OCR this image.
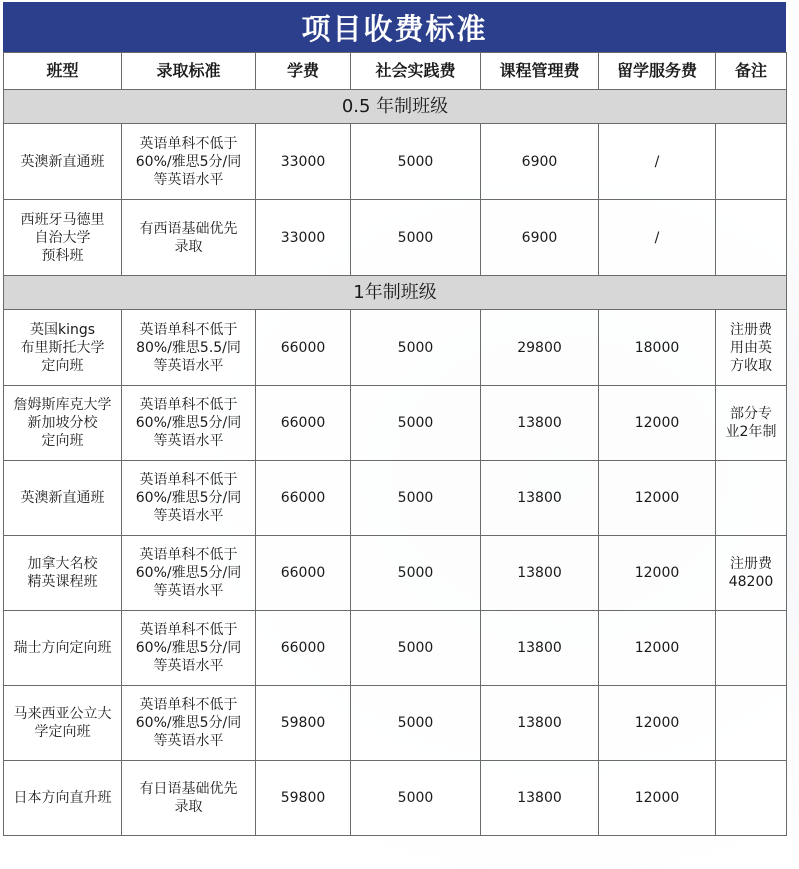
项目收费标准
班型	录取标准	学费	社会实践费	课程管理费	留学服务费	备注
0.5 年制班级						

英澳新直通班	英语单科不低于
60%/雅思5分/同
等英语水平	33000	5000	6900	/	

西班牙马德里
自治大学
预科班	有西语基础优先
录取	33000	5000	6900	/	

1年制班级						

英国kings
布里斯托大学
定向班	英语单科不低于
80%/雅思5.5/同
等英语水平	66000	5000	29800	18000	注册费
用由英
方收取

詹姆斯库克大学
新加坡分校
定向班	英语单科不低于
60%/雅思5分/同
等英语水平	66000	5000	13800	12000	部分专
业2年制

英澳新直通班	英语单科不低于
60%/雅思5分/同
等英语水平	66000	5000	13800	12000	

加拿大名校
精英课程班	英语单科不低于
60%/雅思5分/同
等英语水平	66000	5000	13800	12000	注册费
48200

瑞士方向定向班	英语单科不低于
60%/雅思5分/同
等英语水平	66000	5000	13800	12000	

马来西亚公立大
学定向班	英语单科不低于
60%/雅思5分/同
等英语水平	59800	5000	13800	12000	

日本方向直升班	有日语基础优先
录取	59800	5000	13800	12000	
